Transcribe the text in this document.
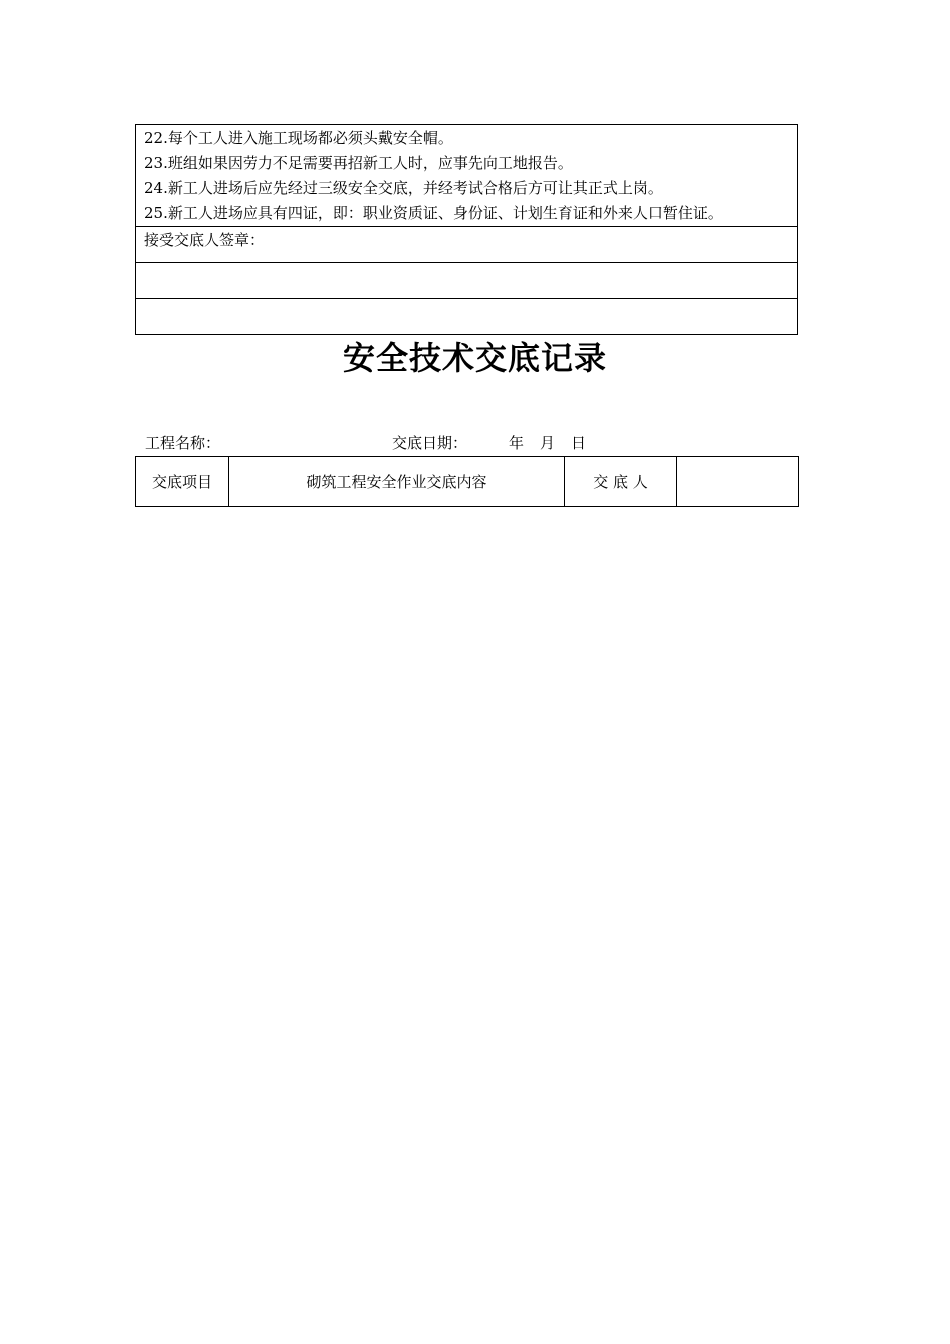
22.每个工人进入施工现场都必须头戴安全帽。
23.班组如果因劳力不足需要再招新工人时，应事先向工地报告。
24.新工人进场后应先经过三级安全交底，并经考试合格后方可让其正式上岗。
25.新工人进场应具有四证，即：职业资质证、身份证、计划生育证和外来人口暂住证。

接受交底人签章：

安全技术交底记录
工程名称：	交底日期：	年 月 日
交底项目	砌筑工程安全作业交底内容	交 底 人	
